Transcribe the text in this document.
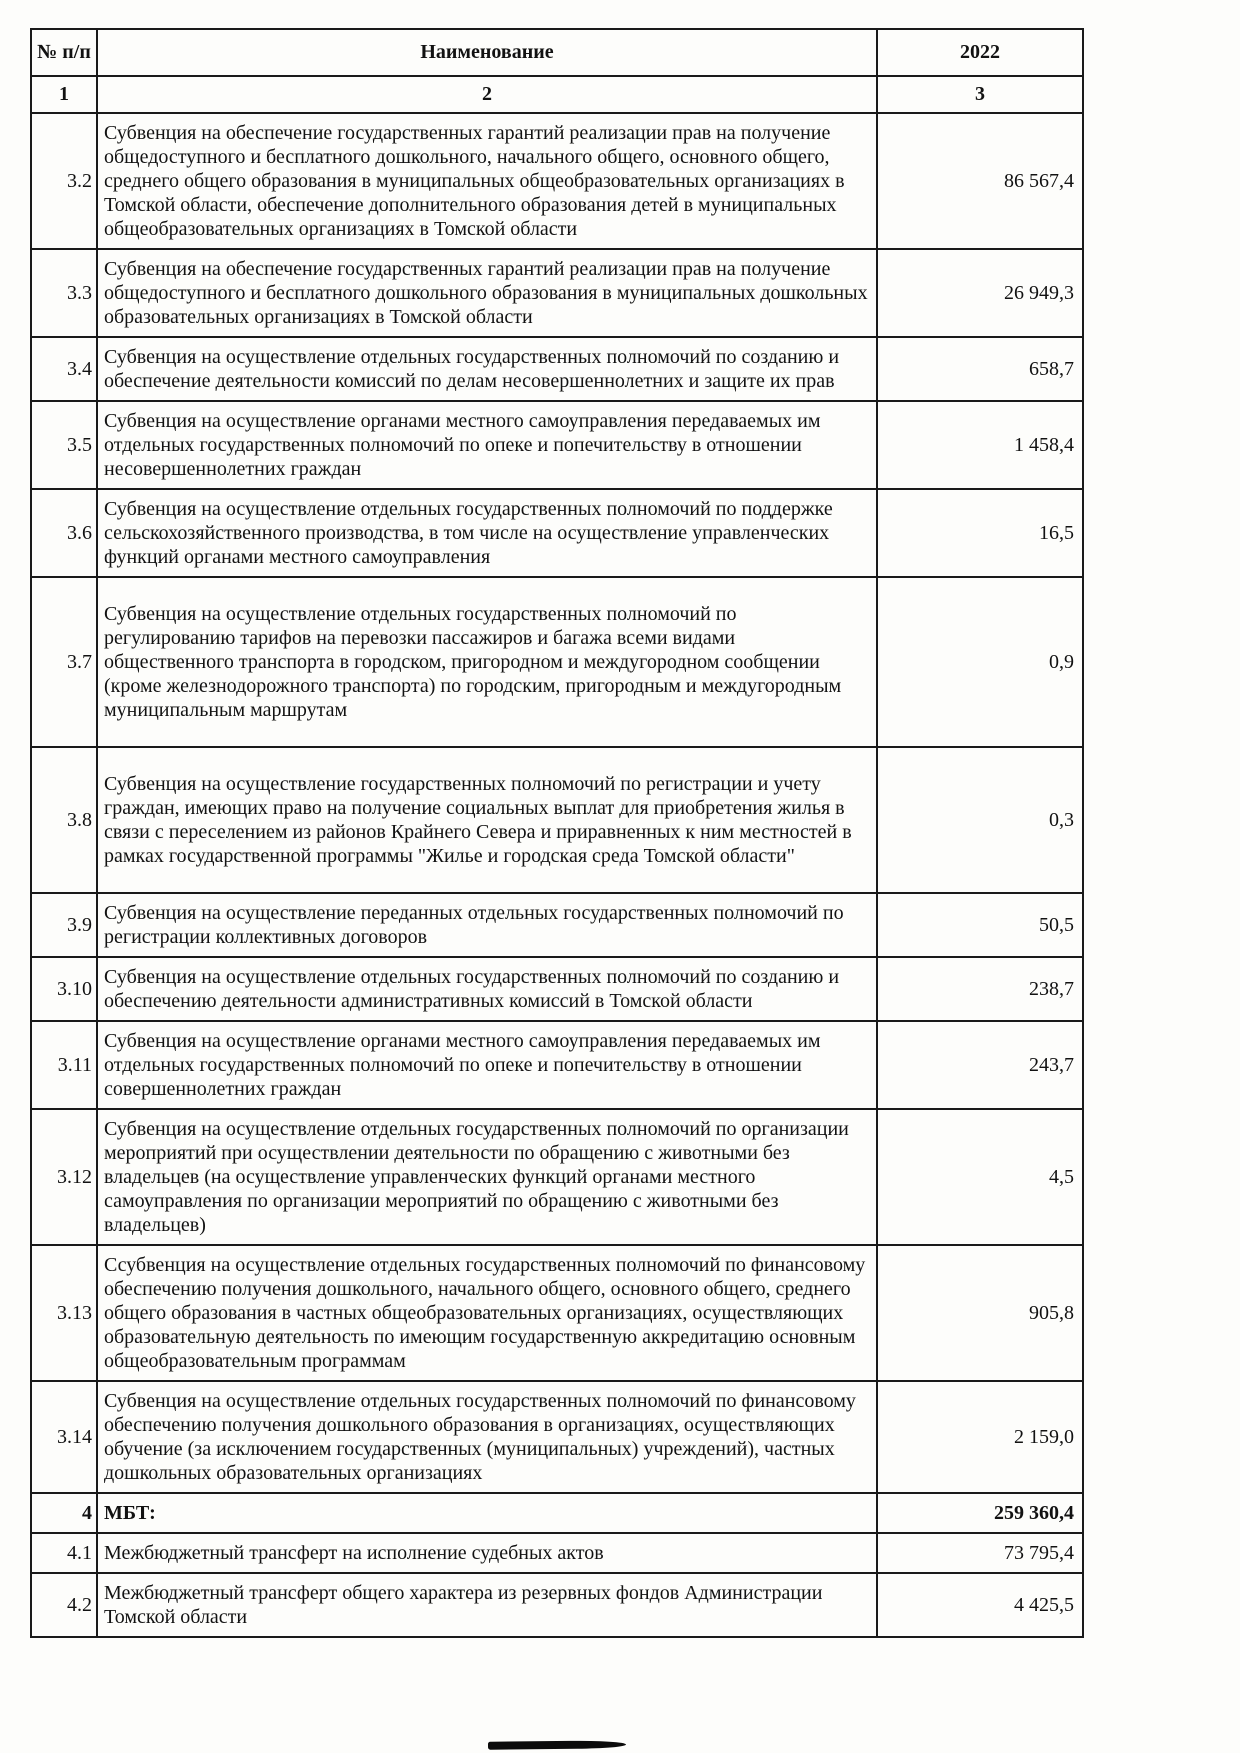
№ п/п	Наименование	2022
1	2	3
3.2	Субвенция на обеспечение государственных гарантий реализации прав на получение общедоступного и бесплатного дошкольного, начального общего, основного общего, среднего общего образования в муниципальных общеобразовательных организациях в Томской области, обеспечение дополнительного образования детей в муниципальных общеобразовательных организациях в Томской области	86 567,4
3.3	Субвенция на обеспечение государственных гарантий реализации прав на получение общедоступного и бесплатного дошкольного образования в муниципальных дошкольных образовательных организациях в Томской области	26 949,3
3.4	Субвенция на осуществление отдельных государственных полномочий по созданию и обеспечение деятельности комиссий по делам несовершеннолетних и защите их прав	658,7
3.5	Субвенция на осуществление органами местного самоуправления передаваемых им отдельных государственных полномочий по опеке и попечительству в отношении несовершеннолетних граждан	1 458,4
3.6	Субвенция на осуществление отдельных государственных полномочий по поддержке сельскохозяйственного производства, в том числе на осуществление управленческих функций органами местного самоуправления	16,5
3.7	Субвенция на осуществление отдельных государственных полномочий по регулированию тарифов на перевозки пассажиров и багажа всеми видами общественного транспорта в городском, пригородном и междугородном сообщении (кроме железнодорожного транспорта) по городским, пригородным и междугородным муниципальным маршрутам	0,9
3.8	Субвенция на осуществление государственных полномочий по регистрации и учету граждан, имеющих право на получение социальных выплат для приобретения жилья в связи с переселением из районов Крайнего Севера и приравненных к ним местностей в рамках государственной программы "Жилье и городская среда Томской области"	0,3
3.9	Субвенция на осуществление переданных отдельных государственных полномочий по регистрации коллективных договоров	50,5
3.10	Субвенция на осуществление отдельных государственных полномочий по созданию и обеспечению деятельности административных комиссий в Томской области	238,7
3.11	Субвенция на осуществление органами местного самоуправления передаваемых им отдельных государственных полномочий по опеке и попечительству в отношении совершеннолетних граждан	243,7
3.12	Субвенция на осуществление отдельных государственных полномочий по организации мероприятий при осуществлении деятельности по обращению с животными без владельцев (на осуществление управленческих функций органами местного самоуправления по организации мероприятий по обращению с животными без владельцев)	4,5
3.13	Ссубвенция на осуществление отдельных государственных полномочий по финансовому обеспечению получения дошкольного, начального общего, основного общего, среднего общего образования в частных общеобразовательных организациях, осуществляющих образовательную деятельность по имеющим государственную аккредитацию основным общеобразовательным программам	905,8
3.14	Субвенция на осуществление отдельных государственных полномочий по финансовому обеспечению получения дошкольного образования в организациях, осуществляющих обучение (за исключением государственных (муниципальных) учреждений), частных дошкольных образовательных организациях	2 159,0
4	МБТ:	259 360,4
4.1	Межбюджетный трансферт на исполнение судебных актов	73 795,4
4.2	Межбюджетный трансферт общего характера из резервных фондов Администрации Томской области	4 425,5
